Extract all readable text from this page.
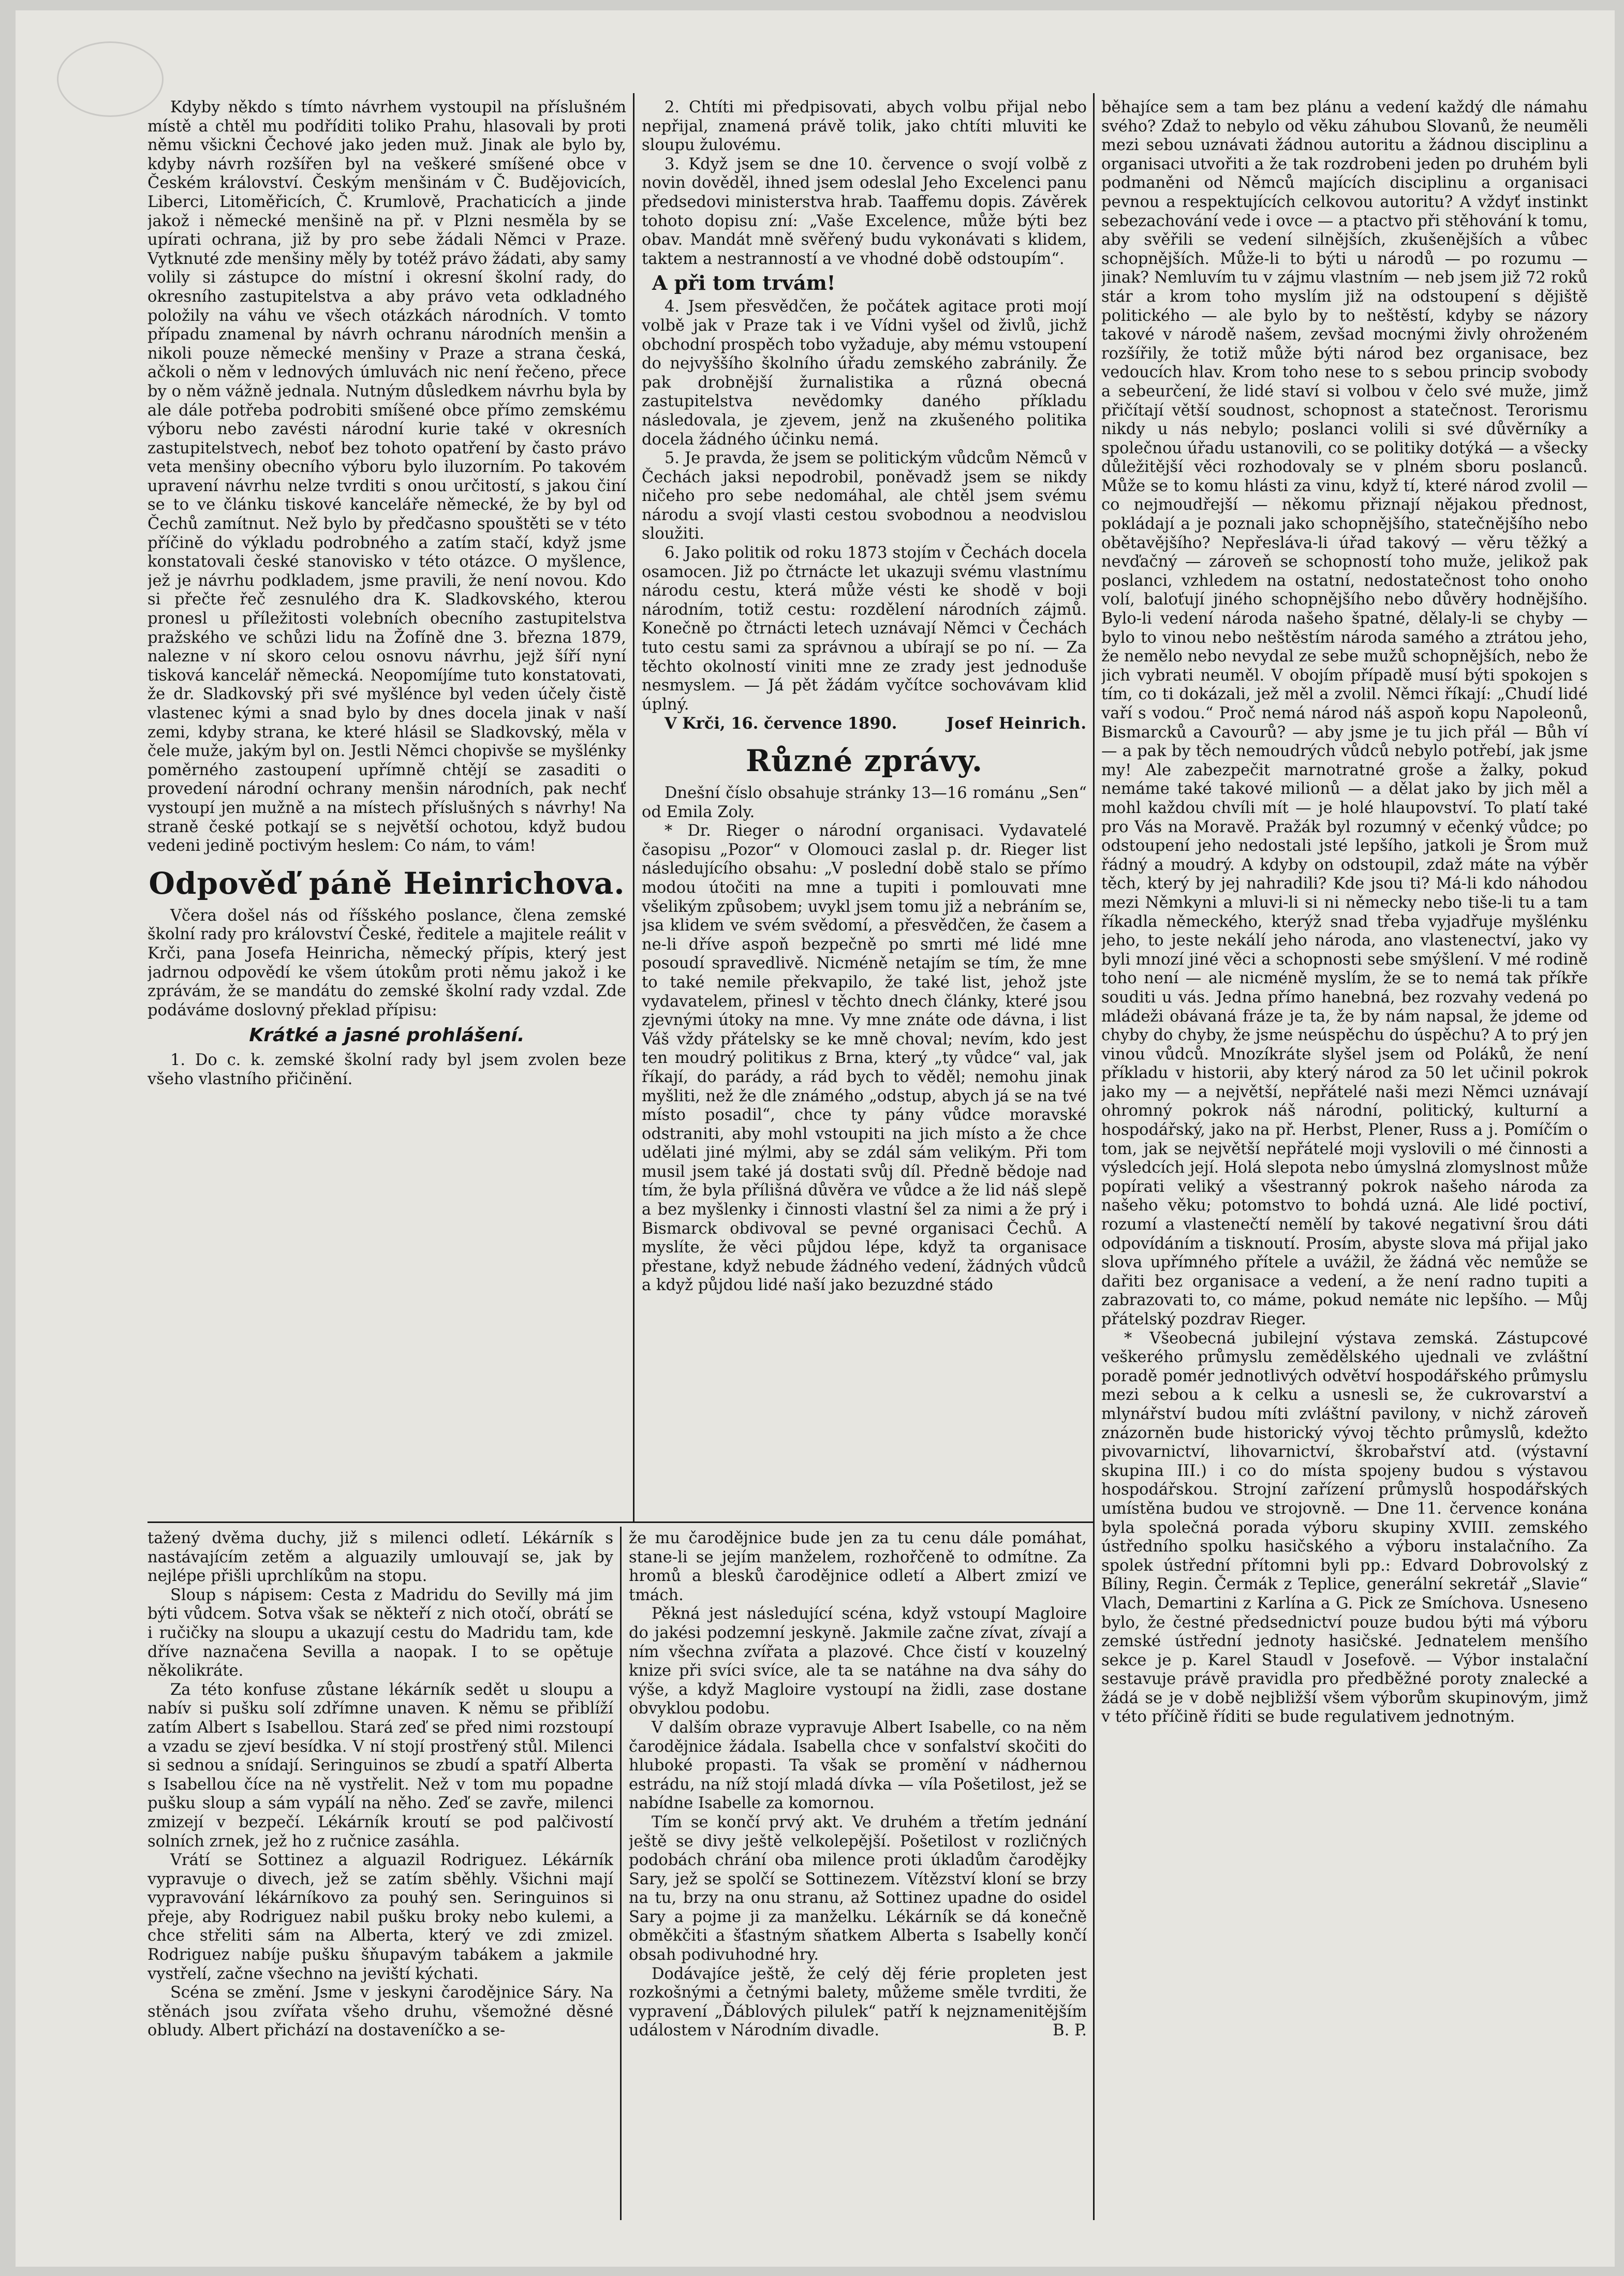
Kdyby někdo s tímto návrhem vystoupil na příslušném místě a chtěl mu podříditi toliko Prahu, hlasovali by proti němu všickni Čechové jako jeden muž. Jinak ale bylo by, kdyby návrh rozšířen byl na veškeré smíšené obce v Českém království. Českým menšinám v Č. Budějovicích, Liberci, Litoměřicích, Č. Krumlově, Prachaticích a jinde jakož i německé menšině na př. v Plzni nesměla by se upírati ochrana, již by pro sebe žádali Němci v Praze. Vytknuté zde menšiny měly by totéž právo žádati, aby samy volily si zástupce do místní i okresní školní rady, do okresního zastupitelstva a aby právo veta odkladného položily na váhu ve všech otázkách národních. V tomto případu znamenal by návrh ochranu národních menšin a nikoli pouze německé menšiny v Praze a strana česká, ačkoli o něm v lednových úmluvách nic není řečeno, přece by o něm vážně jednala. Nutným důsledkem návrhu byla by ale dále potřeba podrobiti smíšené obce přímo zemskému výboru nebo zavésti národní kurie také v okresních zastupitelstvech, neboť bez tohoto opatření by často právo veta menšiny obecního výboru bylo iluzorním. Po takovém upravení návrhu nelze tvrditi s onou určitostí, s jakou činí se to ve článku tiskové kanceláře německé, že by byl od Čechů zamítnut. Než bylo by předčasno spouštěti se v této příčině do výkladu podrobného a zatím stačí, když jsme konstatovali české stanovisko v této otázce. O myšlence, jež je návrhu podkladem, jsme pravili, že není novou. Kdo si přečte řeč zesnulého dra K. Sladkovského, kterou pronesl u příležitosti volebních obecního zastupitelstva pražského ve schůzi lidu na Žofíně dne 3. března 1879, nalezne v ní skoro celou osnovu návrhu, jejž šíří nyní tisková kancelář německá. Neopomíjíme tuto konstatovati, že dr. Sladkovský při své myšlénce byl veden účely čistě vlastenec kými a snad bylo by dnes docela jinak v naší zemi, kdyby strana, ke které hlásil se Sladkovský, měla v čele muže, jakým byl on. Jestli Němci chopivše se myšlénky poměrného zastoupení upřímně chtějí se zasaditi o provedení národní ochrany menšin národních, pak nechť vystoupí jen mužně a na místech příslušných s návrhy! Na straně české potkají se s největší ochotou, když budou vedeni jedině poctivým heslem: Co nám, to vám!

Odpověď páně Heinrichova.

Včera došel nás od říšského poslance, člena zemské školní rady pro království České, ředitele a majitele reálit v Krči, pana Josefa Heinricha, německý přípis, který jest jadrnou odpovědí ke všem útokům proti němu jakož i ke zprávám, že se mandátu do zemské školní rady vzdal. Zde podáváme doslovný překlad přípisu:

Krátké a jasné prohlášení.

1. Do c. k. zemské školní rady byl jsem zvolen beze všeho vlastního přičinění.

2. Chtíti mi předpisovati, abych volbu přijal nebo nepřijal, znamená právě tolik, jako chtíti mluviti ke sloupu žulovému.

3. Když jsem se dne 10. července o svojí volbě z novin dověděl, ihned jsem odeslal Jeho Excelenci panu předsedovi ministerstva hrab. Taaffemu dopis. Závěrek tohoto dopisu zní: „Vaše Excelence, může býti bez obav. Mandát mně svěřený budu vykonávati s klidem, taktem a nestranností a ve vhodné době odstoupím“.

A při tom trvám!

4. Jsem přesvědčen, že počátek agitace proti mojí volbě jak v Praze tak i ve Vídni vyšel od živlů, jichž obchodní prospěch tobo vyžaduje, aby mému vstoupení do nejvyššího školního úřadu zemského zabránily. Že pak drobnější žurnalistika a různá obecná zastupitelstva nevědomky daného příkladu následovala, je zjevem, jenž na zkušeného politika docela žádného účinku nemá.

5. Je pravda, že jsem se politickým vůdcům Němců v Čechách jaksi nepodrobil, poněvadž jsem se nikdy ničeho pro sebe nedomáhal, ale chtěl jsem svému národu a svojí vlasti cestou svobodnou a neodvislou sloužiti.

6. Jako politik od roku 1873 stojím v Čechách docela osamocen. Již po čtrnácte let ukazuji svému vlastnímu národu cestu, která může vésti ke shodě v boji národním, totiž cestu: rozdělení národních zájmů. Konečně po čtrnácti letech uznávají Němci v Čechách tuto cestu sami za správnou a ubírají se po ní. — Za těchto okolností viniti mne ze zrady jest jednoduše nesmyslem. — Já pět žádám vyčítce sochovávam klid úplný.

V Krči, 16. července 1890.	Josef Heinrich.
Různé zprávy.

Dnešní číslo obsahuje stránky 13—16 románu „Sen“ od Emila Zoly.

* Dr. Rieger o národní organisaci. Vydavatelé časopisu „Pozor“ v Olomouci zaslal p. dr. Rieger list následujícího obsahu: „V poslední době stalo se přímo modou útočiti na mne a tupiti i pomlouvati mne všelikým způsobem; uvykl jsem tomu již a nebráním se, jsa klidem ve svém svědomí, a přesvědčen, že časem a ne-li dříve aspoň bezpečně po smrti mé lidé mne posoudí spravedlivě. Nicméně netajím se tím, že mne to také nemile překvapilo, že také list, jehož jste vydavatelem, přinesl v těchto dnech články, které jsou zjevnými útoky na mne. Vy mne znáte ode dávna, i list Váš vždy přátelsky se ke mně choval; nevím, kdo jest ten moudrý politikus z Brna, který „ty vůdce“ val, jak říkají, do parády, a rád bych to věděl; nemohu jinak myšliti, než že dle známého „odstup, abych já se na tvé místo posadil“, chce ty pány vůdce moravské odstraniti, aby mohl vstoupiti na jich místo a že chce udělati jiné mýlmi, aby se zdál sám velikým. Při tom musil jsem také já dostati svůj díl. Předně bědoje nad tím, že byla přílišná důvěra ve vůdce a že lid náš slepě a bez myšlenky i činnosti vlastní šel za nimi a že prý i Bismarck obdivoval se pevné organisaci Čechů. A myslíte, že věci půjdou lépe, když ta organisace přestane, když nebude žádného vedení, žádných vůdců a když půjdou lidé naší jako bezuzdné stádo

běhajíce sem a tam bez plánu a vedení každý dle námahu svého? Zdaž to nebylo od věku záhubou Slovanů, že neuměli mezi sebou uznávati žádnou autoritu a žádnou disciplinu a organisaci utvořiti a že tak rozdrobeni jeden po druhém byli podmaněni od Němců majících disciplinu a organisaci pevnou a respektujících celkovou autoritu? A vždyť instinkt sebezachování vede i ovce — a ptactvo při stěhování k tomu, aby svěřili se vedení silnějších, zkušenějších a vůbec schopnějších. Může-li to býti u národů — po rozumu — jinak? Nemluvím tu v zájmu vlastním — neb jsem již 72 roků stár a krom toho myslím již na odstoupení s dějiště politického — ale bylo by to neštěstí, kdyby se názory takové v národě našem, zevšad mocnými živly ohroženém rozšířily, že totiž může býti národ bez organisace, bez vedoucích hlav. Krom toho nese to s sebou princip svobody a sebeurčení, že lidé staví si volbou v čelo své muže, jimž přičítají větší soudnost, schopnost a statečnost. Terorismu nikdy u nás nebylo; poslanci volili si své důvěrníky a společnou úřadu ustanovili, co se politiky dotýká — a všecky důležitější věci rozhodovaly se v plném sboru poslanců. Může se to komu hlásti za vinu, když tí, které národ zvolil — co nejmoudřejší — někomu přiznají nějakou přednost, pokládají a je poznali jako schopnějšího, statečnějšího nebo obětavějšího? Nepřesláva-li úřad takový — věru těžký a nevďačný — zároveň se schopností toho muže, jelikož pak poslanci, vzhledem na ostatní, nedostatečnost toho onoho volí, baloťují jiného schopnějšího nebo důvěry hodnějšího. Bylo-li vedení národa našeho špatné, dělaly-li se chyby — bylo to vinou nebo neštěstím národa samého a ztrátou jeho, že nemělo nebo nevydal ze sebe mužů schopnějších, nebo že jich vybrati neuměl. V obojím případě musí býti spokojen s tím, co ti dokázali, jež měl a zvolil. Němci říkají: „Chudí lidé vaří s vodou.“ Proč nemá národ náš aspoň kopu Napoleonů, Bismarcků a Cavourů? — aby jsme je tu jich přál — Bůh ví — a pak by těch nemoudrých vůdců nebylo potřebí, jak jsme my! Ale zabezpečit marnotratné groše a žalky, pokud nemáme také takové milionů — a dělat jako by jich měl a mohl každou chvíli mít — je holé hlaupovství. To platí také pro Vás na Moravě. Pražák byl rozumný v ečenký vůdce; po odstoupení jeho nedostali jsté lepšího, jatkoli je Šrom muž řádný a moudrý. A kdyby on odstoupil, zdaž máte na výběr těch, který by jej nahradili? Kde jsou ti? Má-li kdo náhodou mezi Němkyni a mluvi-li si ni německy nebo tiše-li tu a tam říkadla německého, kterýž snad třeba vyjadřuje myšlénku jeho, to jeste nekálí jeho národa, ano vlastenectví, jako vy byli mnozí jiné věci a schopnosti sebe smýšlení. V mé rodině toho není — ale nicméně myslím, že se to nemá tak příkře souditi u vás. Jedna přímo hanebná, bez rozvahy vedená po mládeži obávaná fráze je ta, že by nám napsal, že jdeme od chyby do chyby, že jsme neúspěchu do úspěchu? A to prý jen vinou vůdců. Mnozíkráte slyšel jsem od Poláků, že není příkladu v historii, aby který národ za 50 let učinil pokrok jako my — a největší, nepřátelé naši mezi Němci uznávají ohromný pokrok náš národní, politický, kulturní a hospodářský, jako na př. Herbst, Plener, Russ a j. Pomíčím o tom, jak se největší nepřátelé moji vyslovili o mé činnosti a výsledcích její. Holá slepota nebo úmyslná zlomyslnost může popírati veliký a všestranný pokrok našeho národa za našeho věku; potomstvo to bohdá uzná. Ale lidé poctiví, rozumí a vlastenečtí nemělí by takové negativní šrou dáti odpovídáním a tisknoutí. Prosím, abyste slova má přijal jako slova upřímného přítele a uvážil, že žádná věc nemůže se dařiti bez organisace a vedení, a že není radno tupiti a zabrazovati to, co máme, pokud nemáte nic lepšího. — Můj přátelský pozdrav Rieger.

* Všeobecná jubilejní výstava zemská. Zástupcové veškerého průmyslu zemědělského ujednali ve zvláštní poradě pomér jednotlivých odvětví hospodářského průmyslu mezi sebou a k celku a usnesli se, že cukrovarství a mlynářství budou míti zvláštní pavilony, v nichž zároveň znázorněn bude historický vývoj těchto průmyslů, kdežto pivovarnictví, lihovarnictví, škrobařství atd. (výstavní skupina III.) i co do místa spojeny budou s výstavou hospodářskou. Strojní zařízení průmyslů hospodářských umístěna budou ve strojovně. — Dne 11. července konána byla společná porada výboru skupiny XVIII. zemského ústředního spolku hasičského a výboru instalačního. Za spolek ústřední přítomni byli pp.: Edvard Dobrovolský z Bíliny, Regin. Čermák z Teplice, generální sekretář „Slavie“ Vlach, Demartini z Karlína a G. Pick ze Smíchova. Usneseno bylo, že čestné předsednictví pouze budou býti má výboru zemské ústřední jednoty hasičské. Jednatelem menšího sekce je p. Karel Staudl v Josefově. — Výbor instalační sestavuje právě pravidla pro předběžné poroty znalecké a žádá se je v době nejbližší všem výborům skupinovým, jimž v této příčině říditi se bude regulativem jednotným.

tažený dvěma duchy, již s milenci odletí. Lékárník s nastávajícím zetěm a alguazily umlouvají se, jak by nejlépe přišli uprchlíkům na stopu.

Sloup s nápisem: Cesta z Madridu do Sevilly má jim býti vůdcem. Sotva však se někteří z nich otočí, obrátí se i ručičky na sloupu a ukazují cestu do Madridu tam, kde dříve naznačena Sevilla a naopak. I to se opětuje několikráte.

Za této konfuse zůstane lékárník sedět u sloupu a nabív si pušku solí zdřímne unaven. K němu se přiblíží zatím Albert s Isabellou. Stará zeď se před nimi rozstoupí a vzadu se zjeví besídka. V ní stojí prostřený stůl. Milenci si sednou a snídají. Seringuinos se zbudí a spatří Alberta s Isabellou číce na ně vystřelit. Než v tom mu popadne pušku sloup a sám vypálí na něho. Zeď se zavře, milenci zmizejí v bezpečí. Lékárník kroutí se pod palčivostí solních zrnek, jež ho z ručnice zasáhla.

Vrátí se Sottinez a alguazil Rodriguez. Lékárník vypravuje o divech, jež se zatím sběhly. Všichni mají vypravování lékárníkovo za pouhý sen. Seringuinos si přeje, aby Rodriguez nabil pušku broky nebo kulemi, a chce střeliti sám na Alberta, který ve zdi zmizel. Rodriguez nabíje pušku šňupavým tabákem a jakmile vystřelí, začne všechno na jeviští kýchati.

Scéna se změní. Jsme v jeskyni čarodějnice Sáry. Na stěnách jsou zvířata všeho druhu, všemožné děsné obludy. Albert přichází na dostaveníčko a se-

že mu čarodějnice bude jen za tu cenu dále pomáhat, stane-li se jejím manželem, rozhořčeně to odmítne. Za hromů a blesků čarodějnice odletí a Albert zmizí ve tmách.

Pěkná jest následující scéna, když vstoupí Magloire do jakési podzemní jeskyně. Jakmile začne zívat, zívají a ním všechna zvířata a plazové. Chce čistí v kouzelný knize při svíci svíce, ale ta se natáhne na dva sáhy do výše, a když Magloire vystoupí na židli, zase dostane obvyklou podobu.

V dalším obraze vypravuje Albert Isabelle, co na něm čarodějnice žádala. Isabella chce v sonfalství skočiti do hluboké propasti. Ta však se promění v nádhernou estrádu, na níž stojí mladá dívka — víla Pošetilost, jež se nabídne Isabelle za komornou.

Tím se končí prvý akt. Ve druhém a třetím jednání ještě se divy ještě velkolepější. Pošetilost v rozličných podobách chrání oba milence proti úkladům čarodějky Sary, jež se spolčí se Sottinezem. Vítězství kloní se brzy na tu, brzy na onu stranu, až Sottinez upadne do osidel Sary a pojme ji za manželku. Lékárník se dá konečně obměkčiti a šťastným sňatkem Alberta s Isabelly končí obsah podivuhodné hry.

Dodávajíce ještě, že celý děj férie propleten jest rozkošnými a četnými balety, můžeme směle tvrditi, že vypravení „Ďáblových pilulek“ patří k nejznamenitějším událostem v Národním divadle.	B. P.
